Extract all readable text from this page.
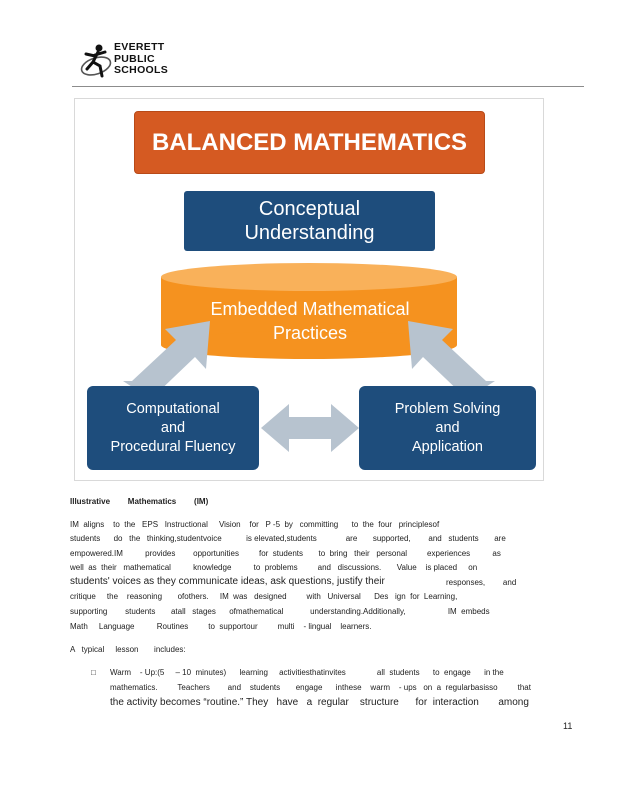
EVERETT
PUBLIC
SCHOOLS
BALANCED MATHEMATICS
Conceptual
Understanding
Embedded Mathematical
Practices
Computational
and
Procedural Fluency
Problem Solving
and
Application
Illustrative        Mathematics        (IM)
IM  aligns    to  the   EPS   Instructional     Vision    for   P -5  by   committing      to  the  four   principlesof
students      do   the   thinking,studentvoice           is elevated,students             are       supported,        and   students       are
empowered.IM          provides        opportunities         for  students       to  bring   their   personal         experiences          as
well  as  their   mathematical          knowledge          to  problems         and   discussions.       Value    is placed     on
students' voices as they communicate ideas, ask questions, justify their	responses,        and
critique     the    reasoning       ofothers.     IM  was   designed         with   Universal      Des   ign  for  Learning,
supporting        students       atall   stages      ofmathematical            understanding.Additionally,                   IM  embeds
Math     Language          Routines         to  supportour         multi    - lingual    learners.
A   typical     lesson       includes:
□ Warm    - Up:(5     – 10  minutes)      learning     activitiesthatinvites              all  students      to  engage      in the
mathematics.         Teachers        and    students       engage      inthese    warm    - ups   on  a  regularbasisso         that
the activity becomes “routine.” They   have   a  regular    structure      for  interaction       among
11
